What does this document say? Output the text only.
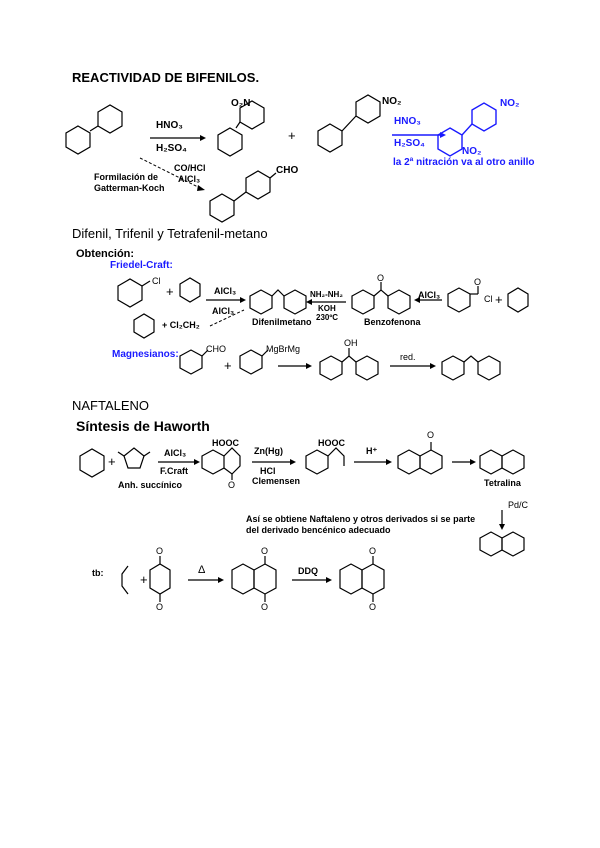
REACTIVIDAD DE BIFENILOS.
HNO₃
H₂SO₄
O₂N
+
NO₂
HNO₃
H₂SO₄
NO₂
NO₂
la 2ª nitración va al otro anillo
Formilación de
Gatterman-Koch
CO/HCl
AlCl₃
CHO
Difenil, Trifenil y Tetrafenil-metano
Obtención:
Friedel-Craft:
Cl
+	AlCl₃
AlCl₃
+ Cl₂CH₂	Difenilmetano
NH₂-NH₂
KOH
230ºC
O
Benzofenona
AlCl₃
O
Cl +
Magnesianos:	CHO
+
MgBrMg
OH
red.
NAFTALENO
Síntesis de Haworth
+
AlCl₃
F.Craft
Anh. succínico
HOOC
O
Zn(Hg)
HCl
Clemensen
HOOC
H⁺
O
Tetralina
Pd/C
Así se obtiene Naftaleno y otros derivados si se parte
del derivado bencénico adecuado
tb:	+
O
O
Δ
O
O
DDQ
O
O
